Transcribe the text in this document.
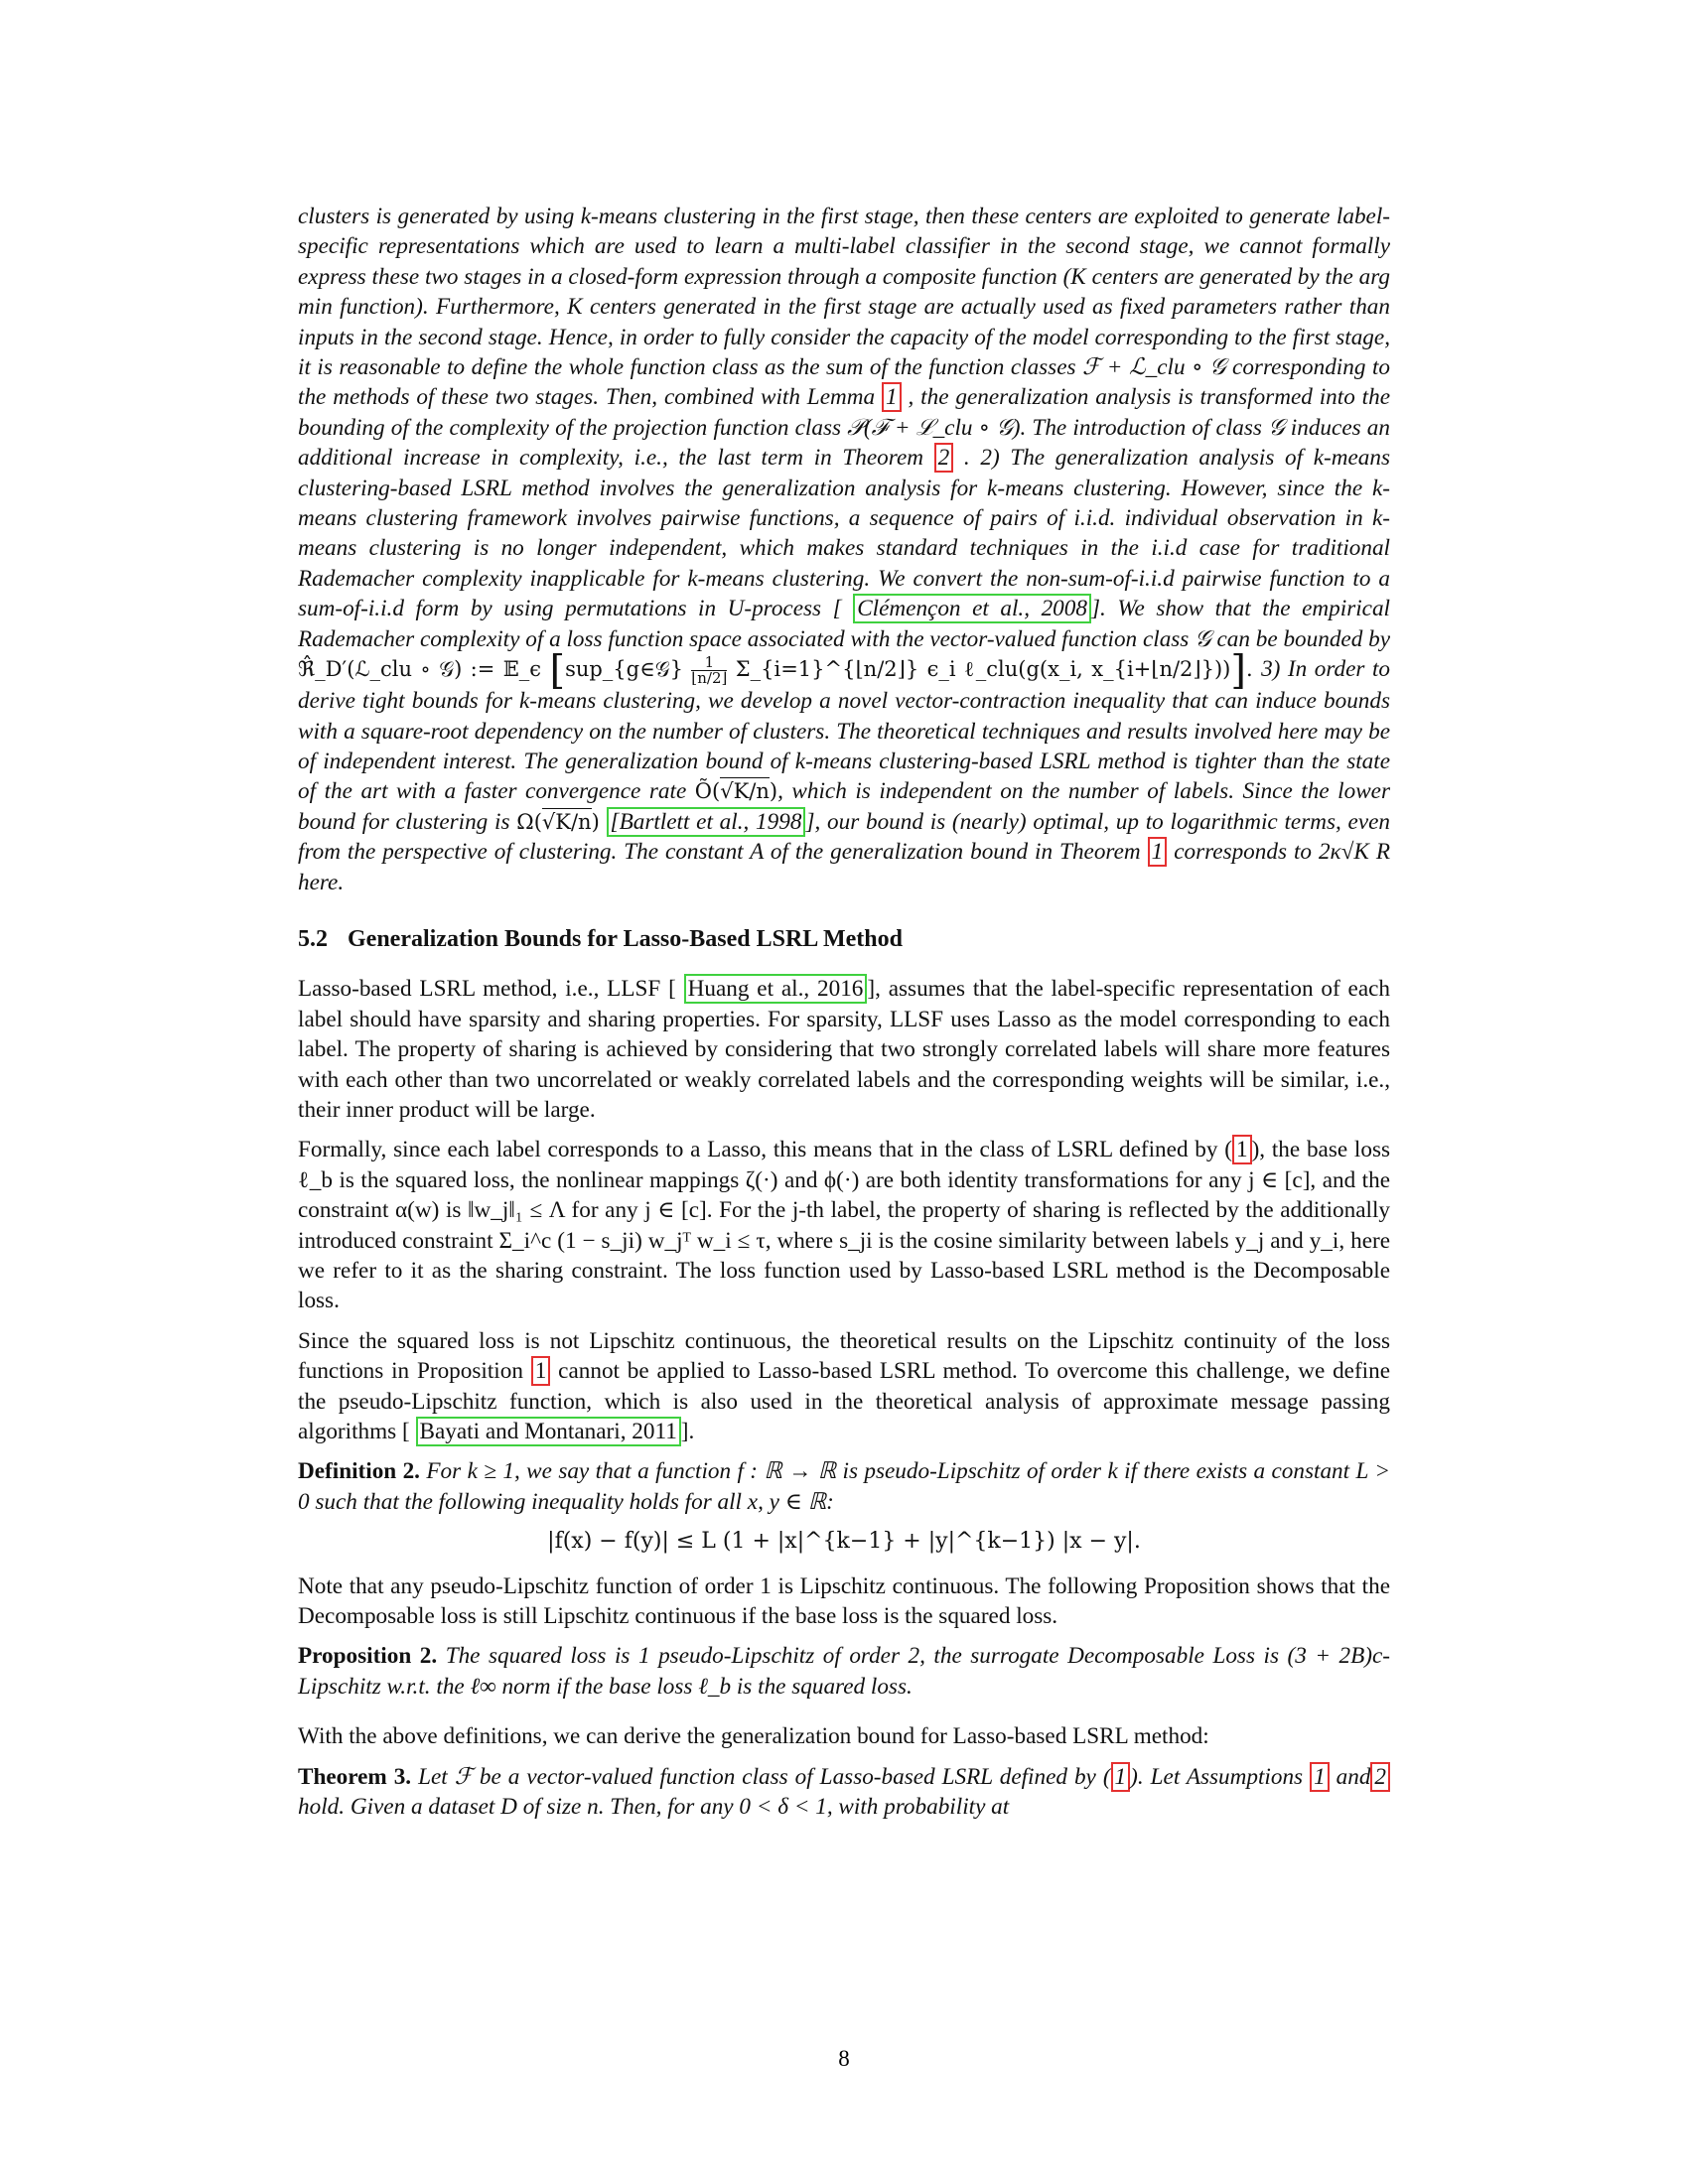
clusters is generated by using k-means clustering in the first stage, then these centers are exploited to generate label-specific representations which are used to learn a multi-label classifier in the second stage, we cannot formally express these two stages in a closed-form expression through a composite function (K centers are generated by the arg min function). Furthermore, K centers generated in the first stage are actually used as fixed parameters rather than inputs in the second stage. Hence, in order to fully consider the capacity of the model corresponding to the first stage, it is reasonable to define the whole function class as the sum of the function classes ℱ + ℒ_clu ∘ 𝒢 corresponding to the methods of these two stages. Then, combined with Lemma 1 , the generalization analysis is transformed into the bounding of the complexity of the projection function class 𝒫(ℱ + ℒ_clu ∘ 𝒢). The introduction of class 𝒢 induces an additional increase in complexity, i.e., the last term in Theorem 2 . 2) The generalization analysis of k-means clustering-based LSRL method involves the generalization analysis for k-means clustering. However, since the k-means clustering framework involves pairwise functions, a sequence of pairs of i.i.d. individual observation in k-means clustering is no longer independent, which makes standard techniques in the i.i.d case for traditional Rademacher complexity inapplicable for k-means clustering. We convert the non-sum-of-i.i.d pairwise function to a sum-of-i.i.d form by using permutations in U-process [ Clémençon et al., 2008 ]. We show that the empirical Rademacher complexity of a loss function space associated with the vector-valued function class 𝒢 can be bounded by ℜ̂_D′(ℒ_clu ∘ 𝒢) := 𝔼_ϵ [sup_{g∈𝒢} $\frac{1}{⌊n/2⌋}$ Σ_{i=1}^{⌊n/2⌋} ϵ_i ℓ_clu(g(x_i, x_{i+⌊n/2⌋}))]. 3) In order to derive tight bounds for k-means clustering, we develop a novel vector-contraction inequality that can induce bounds with a square-root dependency on the number of clusters. The theoretical techniques and results involved here may be of independent interest. The generalization bound of k-means clustering-based LSRL method is tighter than the state of the art with a faster convergence rate Õ(√K/n), which is independent on the number of labels. Since the lower bound for clustering is Ω(√K/n) [Bartlett et al., 1998 ], our bound is (nearly) optimal, up to logarithmic terms, even from the perspective of clustering. The constant A of the generalization bound in Theorem 1 corresponds to 2κ√K R here.

5.2 Generalization Bounds for Lasso-Based LSRL Method

Lasso-based LSRL method, i.e., LLSF [ Huang et al., 2016 ], assumes that the label-specific representation of each label should have sparsity and sharing properties. For sparsity, LLSF uses Lasso as the model corresponding to each label. The property of sharing is achieved by considering that two strongly correlated labels will share more features with each other than two uncorrelated or weakly correlated labels and the corresponding weights will be similar, i.e., their inner product will be large.

Formally, since each label corresponds to a Lasso, this means that in the class of LSRL defined by ( 1 ), the base loss ℓ_b is the squared loss, the nonlinear mappings ζ(·) and ϕ(·) are both identity transformations for any j ∈ [c], and the constraint α(w) is ‖w_j‖₁ ≤ Λ for any j ∈ [c]. For the j-th label, the property of sharing is reflected by the additionally introduced constraint Σ_i^c (1 − s_ji) w_jᵀ w_i ≤ τ, where s_ji is the cosine similarity between labels y_j and y_i, here we refer to it as the sharing constraint. The loss function used by Lasso-based LSRL method is the Decomposable loss.

Since the squared loss is not Lipschitz continuous, the theoretical results on the Lipschitz continuity of the loss functions in Proposition 1 cannot be applied to Lasso-based LSRL method. To overcome this challenge, we define the pseudo-Lipschitz function, which is also used in the theoretical analysis of approximate message passing algorithms [ Bayati and Montanari, 2011 ].

Definition 2. For k ≥ 1, we say that a function f : ℝ → ℝ is pseudo-Lipschitz of order k if there exists a constant L > 0 such that the following inequality holds for all x, y ∈ ℝ:

|f(x) − f(y)| ≤ L (1 + |x|^{k−1} + |y|^{k−1}) |x − y|.

Note that any pseudo-Lipschitz function of order 1 is Lipschitz continuous. The following Proposition shows that the Decomposable loss is still Lipschitz continuous if the base loss is the squared loss.

Proposition 2. The squared loss is 1 pseudo-Lipschitz of order 2, the surrogate Decomposable Loss is (3 + 2B)c-Lipschitz w.r.t. the ℓ∞ norm if the base loss ℓ_b is the squared loss.

With the above definitions, we can derive the generalization bound for Lasso-based LSRL method:

Theorem 3. Let ℱ be a vector-valued function class of Lasso-based LSRL defined by ( 1 ). Let Assumptions 1 and 2 hold. Given a dataset D of size n. Then, for any 0 < δ < 1, with probability at

8
